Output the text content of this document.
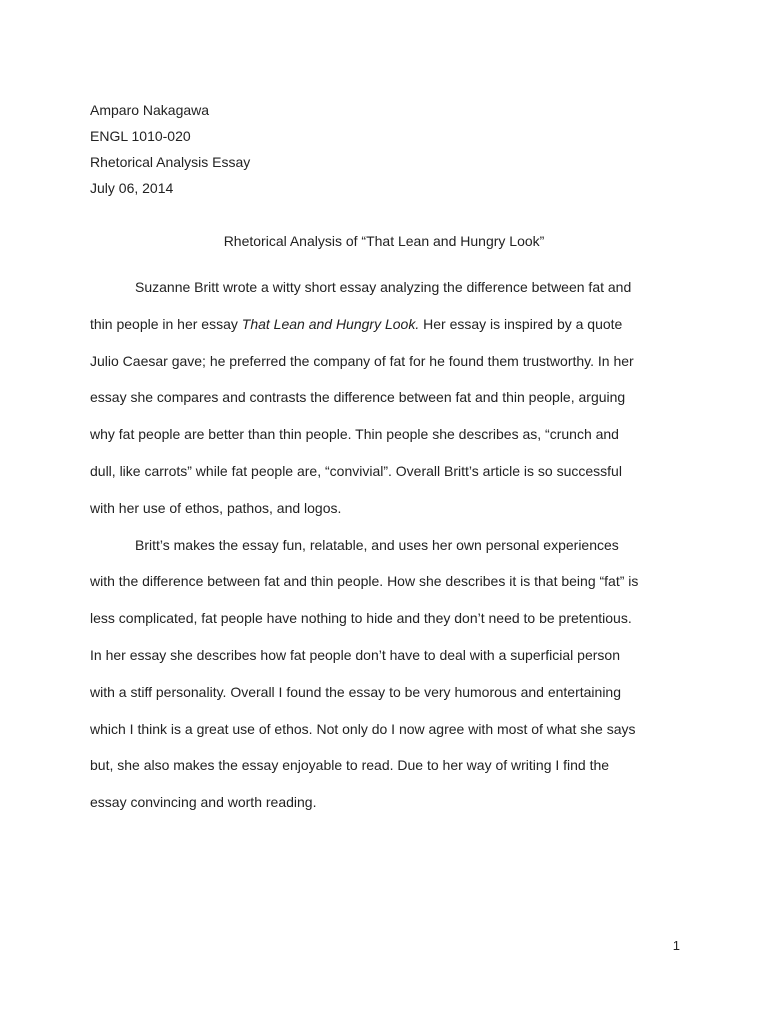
Amparo Nakagawa
ENGL 1010-020
Rhetorical Analysis Essay
July 06, 2014
Rhetorical Analysis of “That Lean and Hungry Look”
Suzanne Britt wrote a witty short essay analyzing the difference between fat and
thin people in her essay That Lean and Hungry Look. Her essay is inspired by a quote
Julio Caesar gave; he preferred the company of fat for he found them trustworthy. In her
essay she compares and contrasts the difference between fat and thin people, arguing
why fat people are better than thin people. Thin people she describes as, “crunch and
dull, like carrots” while fat people are, “convivial”. Overall Britt’s article is so successful
with her use of ethos, pathos, and logos.
Britt’s makes the essay fun, relatable, and uses her own personal experiences
with the difference between fat and thin people. How she describes it is that being “fat” is
less complicated, fat people have nothing to hide and they don’t need to be pretentious.
In her essay she describes how fat people don’t have to deal with a superficial person
with a stiff personality. Overall I found the essay to be very humorous and entertaining
which I think is a great use of ethos. Not only do I now agree with most of what she says
but, she also makes the essay enjoyable to read. Due to her way of writing I find the
essay convincing and worth reading.
1
